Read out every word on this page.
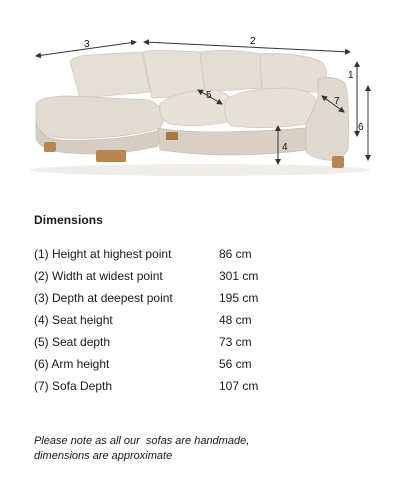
3	2
1
6
7
5
4
Dimensions
(1) Height at highest point	86 cm
(2) Width at widest point	301 cm
(3) Depth at deepest point	195 cm
(4) Seat height	48 cm
(5) Seat depth	73 cm
(6) Arm height	56 cm
(7) Sofa Depth	107 cm

Please note as all our  sofas are handmade,
dimensions are approximate
